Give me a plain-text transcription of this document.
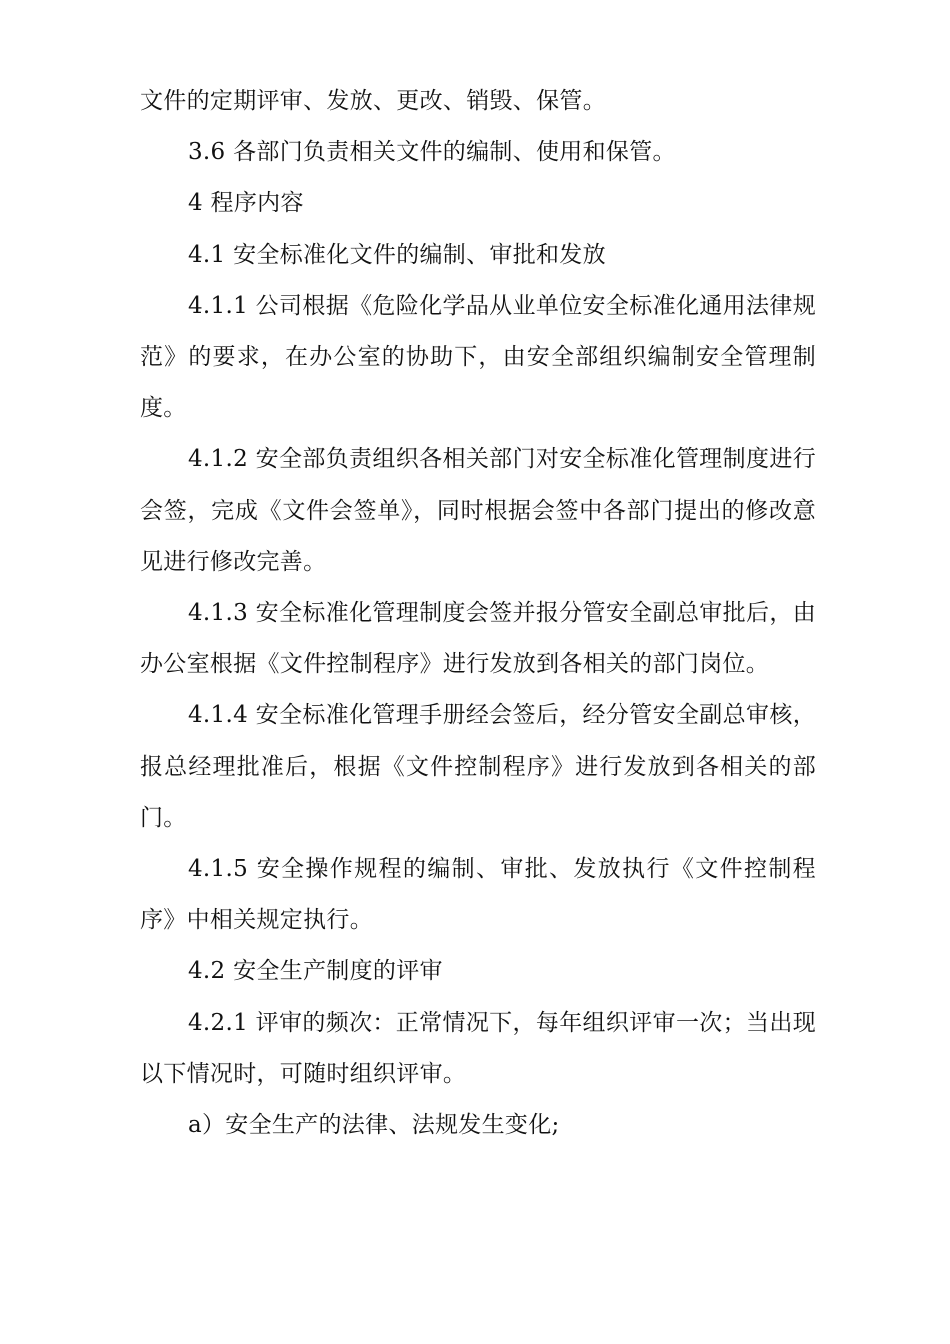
文件的定期评审、发放、更改、销毁、保管。

3.6 各部门负责相关文件的编制、使用和保管。

4 程序内容

4.1 安全标准化文件的编制、审批和发放

4.1.1 公司根据《危险化学品从业单位安全标准化通用法律规范》的要求，在办公室的协助下，由安全部组织编制安全管理制度。

4.1.2 安全部负责组织各相关部门对安全标准化管理制度进行会签，完成《文件会签单》，同时根据会签中各部门提出的修改意见进行修改完善。

4.1.3 安全标准化管理制度会签并报分管安全副总审批后，由办公室根据《文件控制程序》进行发放到各相关的部门岗位。

4.1.4 安全标准化管理手册经会签后，经分管安全副总审核，报总经理批准后，根据《文件控制程序》进行发放到各相关的部门。

4.1.5 安全操作规程的编制、审批、发放执行《文件控制程序》中相关规定执行。

4.2 安全生产制度的评审

4.2.1 评审的频次：正常情况下，每年组织评审一次；当出现以下情况时，可随时组织评审。

a）安全生产的法律、法规发生变化;
